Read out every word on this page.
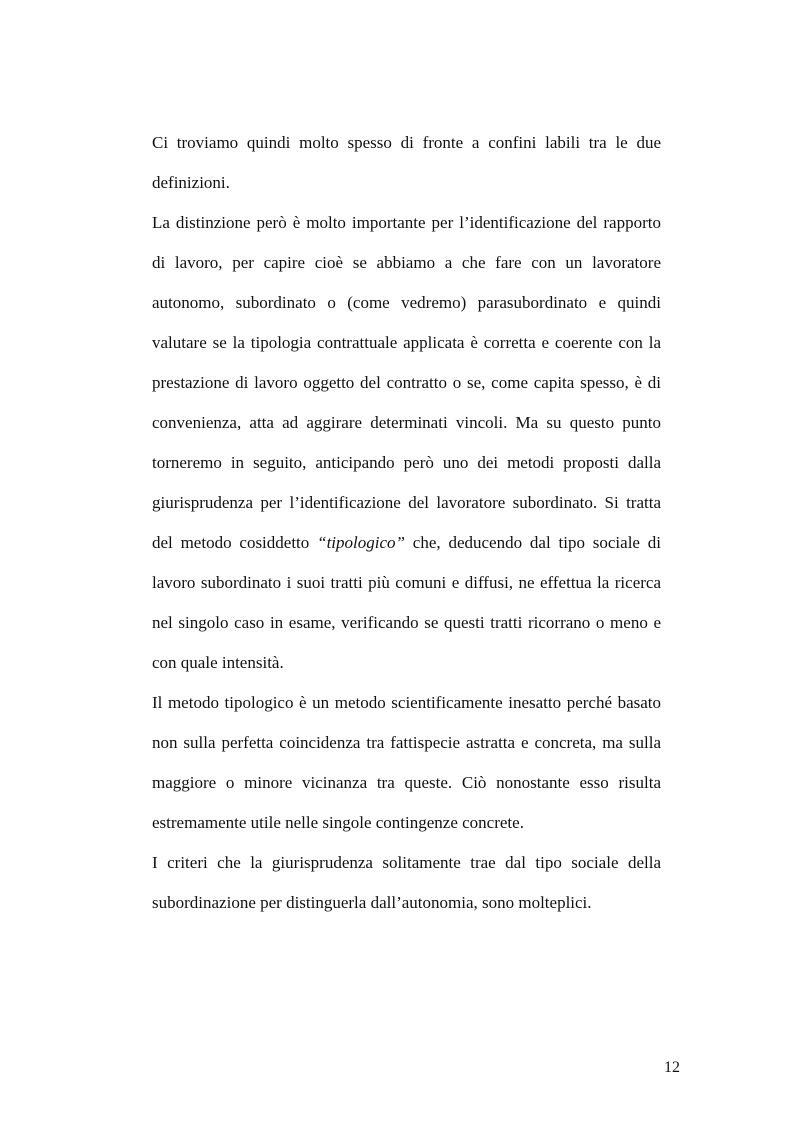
Ci troviamo quindi molto spesso di fronte a confini labili tra le due
definizioni.
La distinzione però è molto importante per l’identificazione del rapporto
di lavoro, per capire cioè se abbiamo a che fare con un lavoratore
autonomo, subordinato o (come vedremo) parasubordinato e quindi
valutare se la tipologia contrattuale applicata è corretta e coerente con la
prestazione di lavoro oggetto del contratto o se, come capita spesso, è di
convenienza, atta ad aggirare determinati vincoli. Ma su questo punto
torneremo in seguito, anticipando però uno dei metodi proposti dalla
giurisprudenza per l’identificazione del lavoratore subordinato. Si tratta
del metodo cosiddetto “tipologico” che, deducendo dal tipo sociale di
lavoro subordinato i suoi tratti più comuni e diffusi, ne effettua la ricerca
nel singolo caso in esame, verificando se questi tratti ricorrano o meno e
con quale intensità.
Il metodo tipologico è un metodo scientificamente inesatto perché basato
non sulla perfetta coincidenza tra fattispecie astratta e concreta, ma sulla
maggiore o minore vicinanza tra queste. Ciò nonostante esso risulta
estremamente utile nelle singole contingenze concrete.
I criteri che la giurisprudenza solitamente trae dal tipo sociale della
subordinazione per distinguerla dall’autonomia, sono molteplici.
12
